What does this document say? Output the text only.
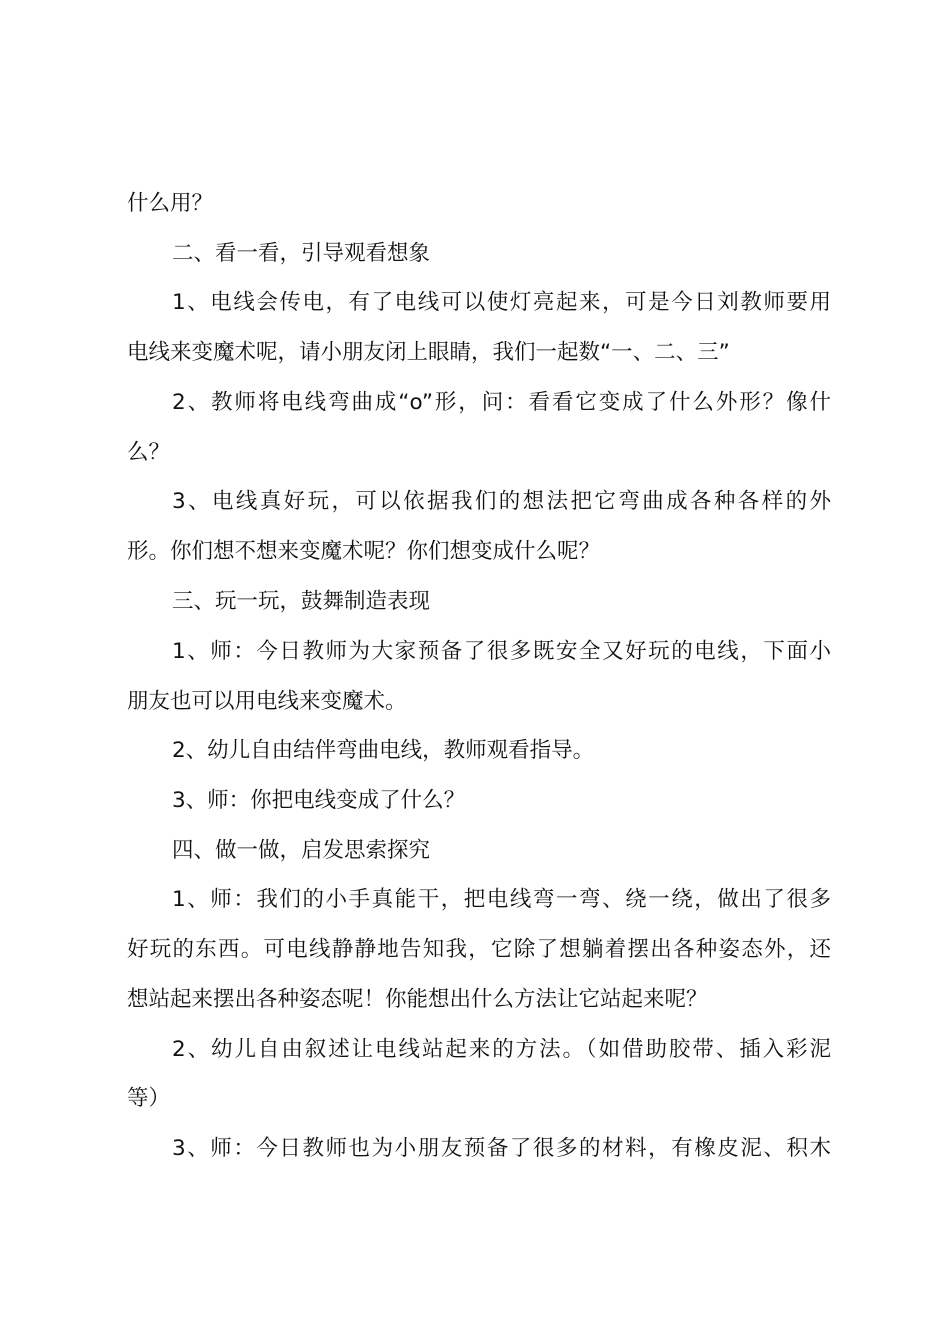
什么用？
二、看一看，引导观看想象
1、电线会传电，有了电线可以使灯亮起来，可是今日刘教师要用
电线来变魔术呢，请小朋友闭上眼睛，我们一起数“一、二、三”
2、教师将电线弯曲成“o”形，问：看看它变成了什么外形？像什
么？
3、电线真好玩，可以依据我们的想法把它弯曲成各种各样的外
形。你们想不想来变魔术呢？你们想变成什么呢？
三、玩一玩，鼓舞制造表现
1、师：今日教师为大家预备了很多既安全又好玩的电线，下面小
朋友也可以用电线来变魔术。
2、幼儿自由结伴弯曲电线，教师观看指导。
3、师：你把电线变成了什么？
四、做一做，启发思索探究
1、师：我们的小手真能干，把电线弯一弯、绕一绕，做出了很多
好玩的东西。可电线静静地告知我，它除了想躺着摆出各种姿态外，还
想站起来摆出各种姿态呢！你能想出什么方法让它站起来呢？
2、幼儿自由叙述让电线站起来的方法。（如借助胶带、插入彩泥
等）
3、师：今日教师也为小朋友预备了很多的材料，有橡皮泥、积木
